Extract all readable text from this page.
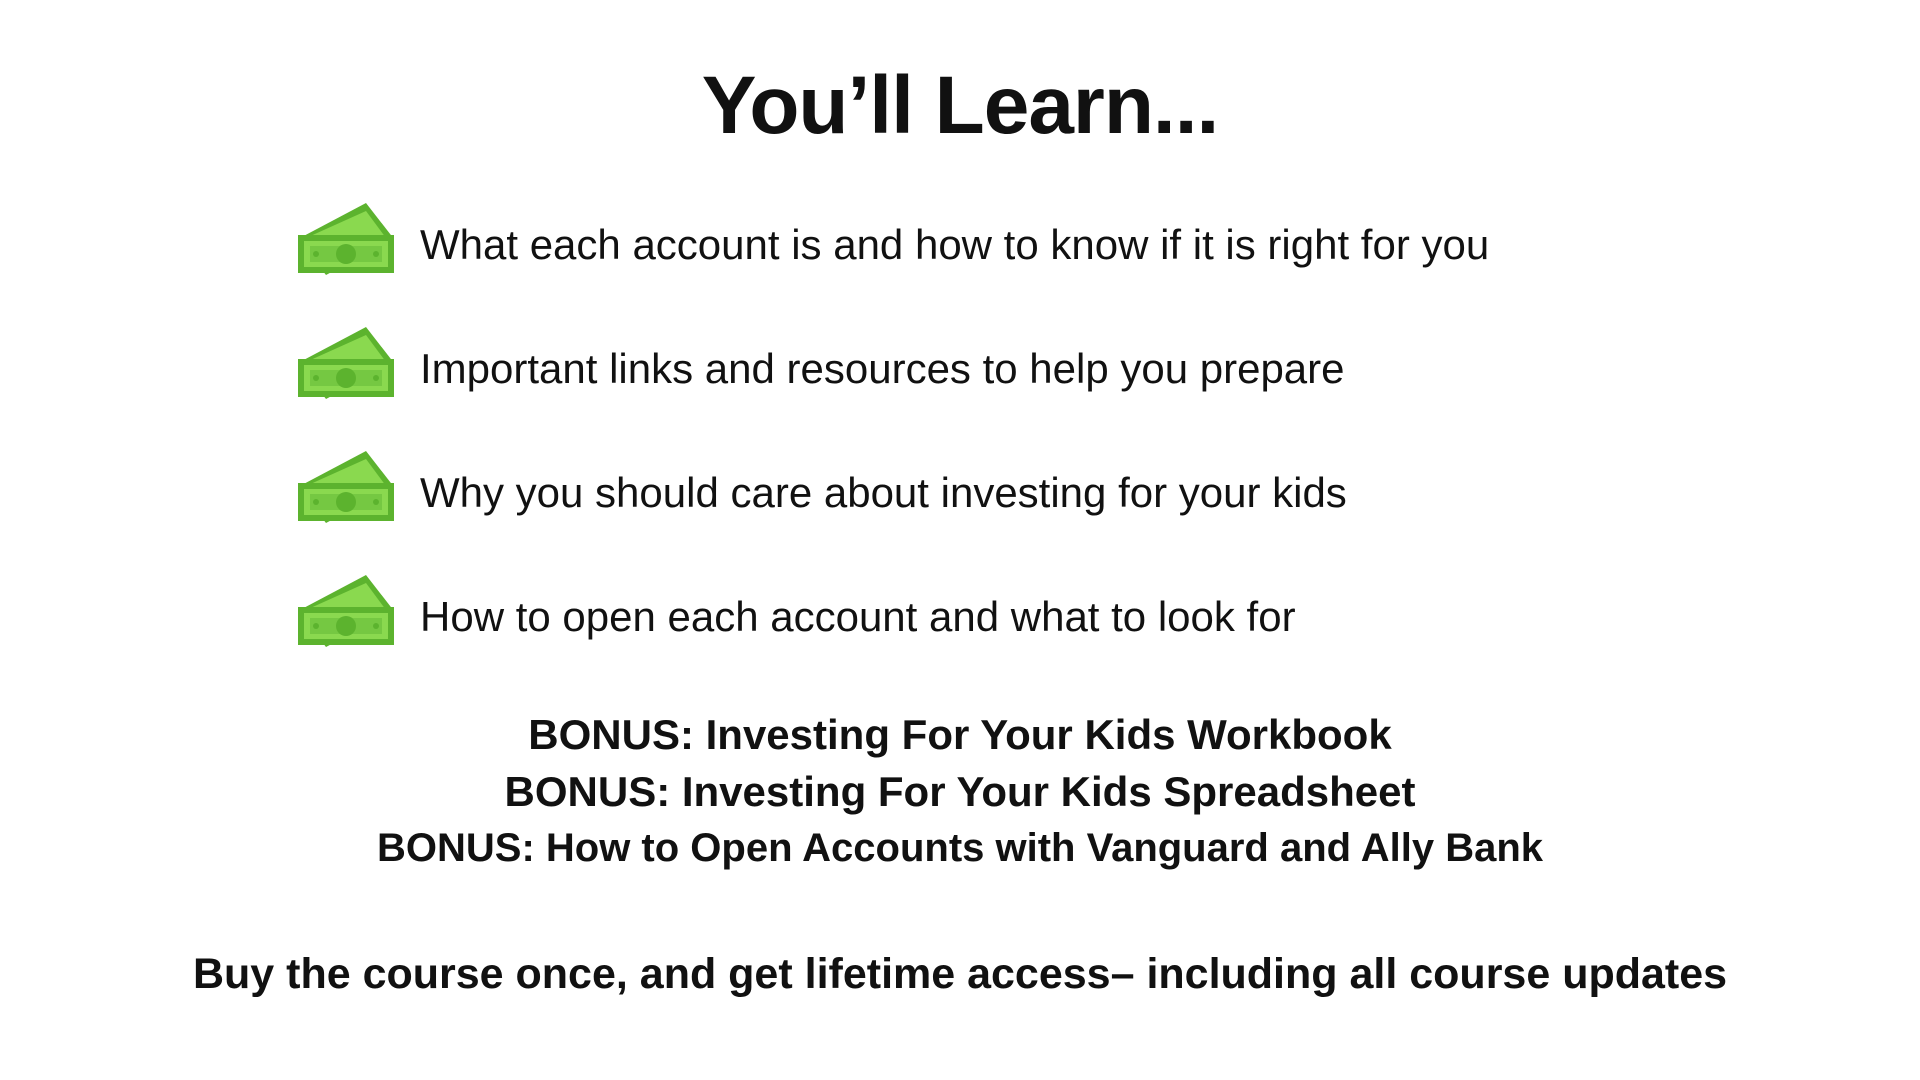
You’ll Learn...
What each account is and how to know if it is right for you
Important links and resources to help you prepare
Why you should care about investing for your kids
How to open each account and what to look for
BONUS: Investing For Your Kids Workbook
BONUS: Investing For Your Kids Spreadsheet
BONUS: How to Open Accounts with Vanguard and Ally Bank
Buy the course once, and get lifetime access– including all course updates
